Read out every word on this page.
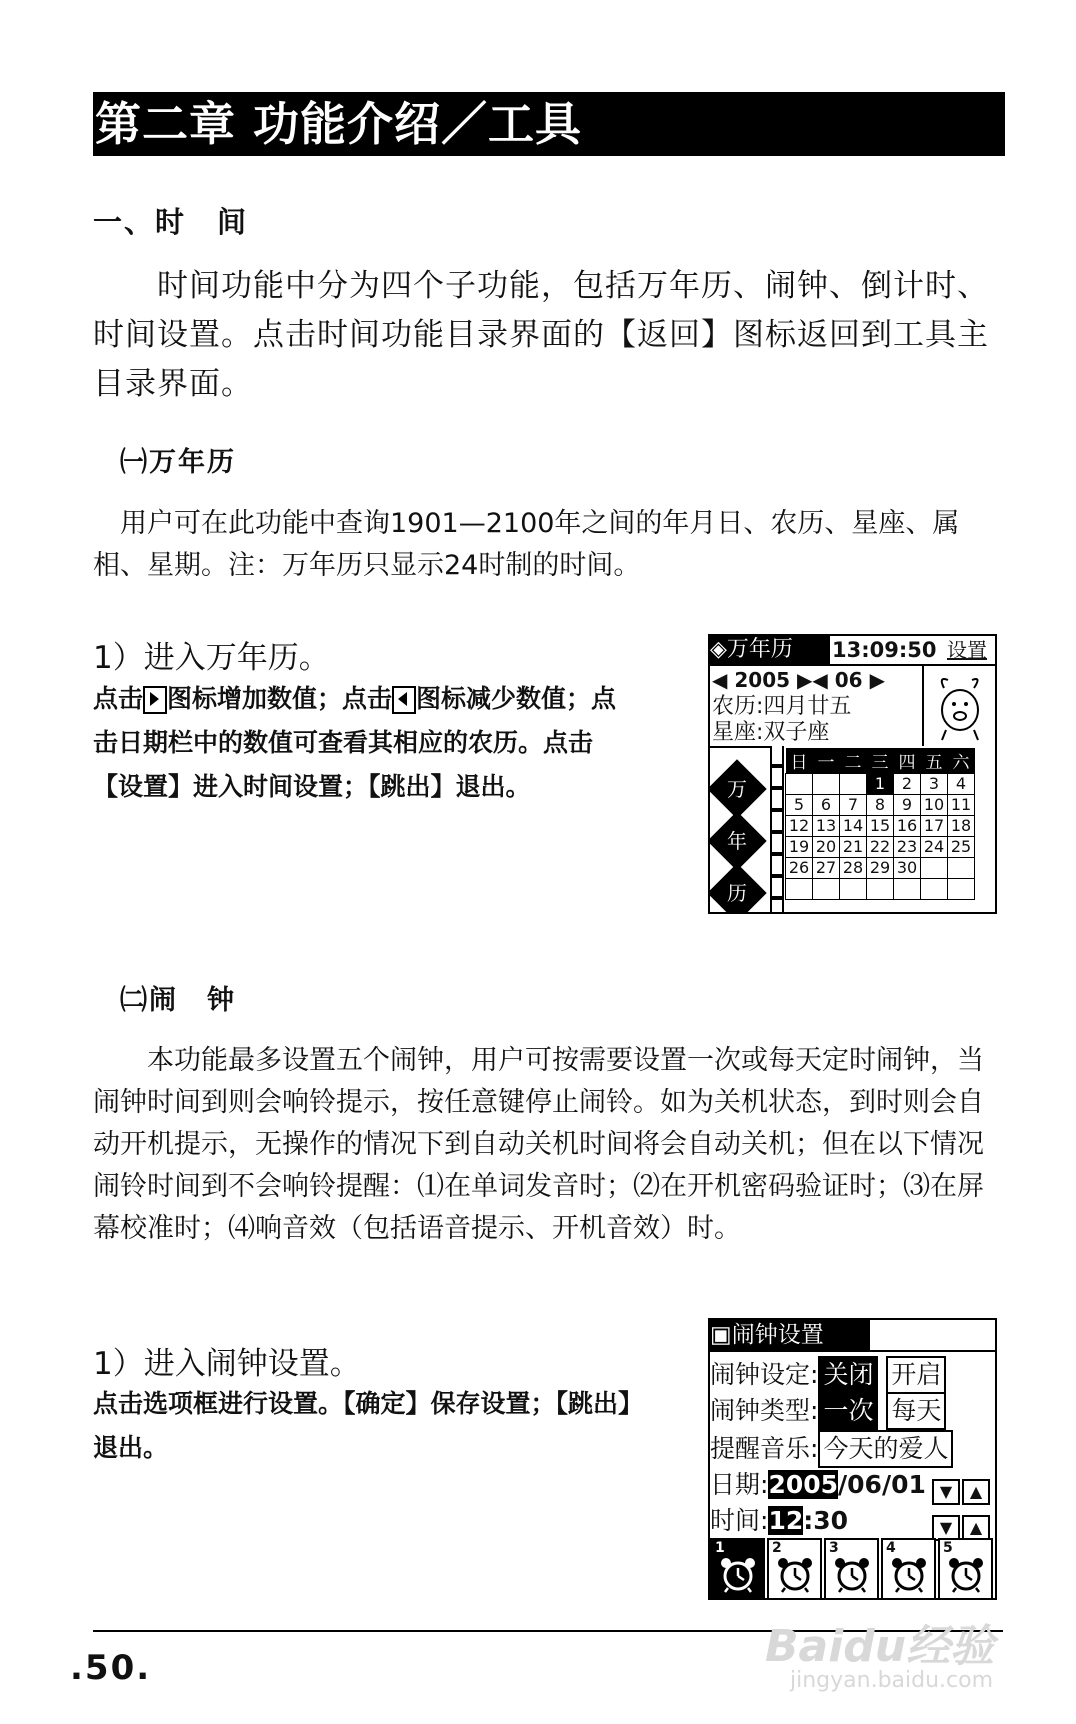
第二章 功能介绍／工具
一、时　间
　　时间功能中分为四个子功能，包括万年历、闹钟、倒计时、时间设置。点击时间功能目录界面的【返回】图标返回到工具主目录界面。
㈠万年历
　用户可在此功能中查询1901—2100年之间的年月日、农历、星座、属相、星期。注：万年历只显示24时制的时间。
1）进入万年历。
点击 图标增加数值；点击 图标减少数值；点击日期栏中的数值可查看其相应的农历。点击【设置】进入时间设置；【跳出】退出。
◈万年历	13:09:50 设置
◀ 2005 ▶◀ 06 ▶
农历:四月廿五
星座:双子座
万
年
历
日	一	二	三	四	五	六
			1	2	3	4
5	6	7	8	9	10	11
12	13	14	15	16	17	18
19	20	21	22	23	24	25
26	27	28	29	30		

㈡闹　钟
　　本功能最多设置五个闹钟，用户可按需要设置一次或每天定时闹钟，当闹钟时间到则会响铃提示，按任意键停止闹铃。如为关机状态，到时则会自动开机提示，无操作的情况下到自动关机时间将会自动关机；但在以下情况闹铃时间到不会响铃提醒：⑴在单词发音时；⑵在开机密码验证时；⑶在屏幕校准时；⑷响音效（包括语音提示、开机音效）时。
1）进入闹钟设置。
点击选项框进行设置。【确定】保存设置；【跳出】退出。
▣闹钟设置
闹钟设定: 关闭 开启
闹钟类型: 一次 每天
提醒音乐: 今天的爱人
日期:2005/06/01 ▼ ▲
时间:12:30	▼ ▲
1	2	3	4	5
.50.	Baidu经验
jingyan.baidu.com
